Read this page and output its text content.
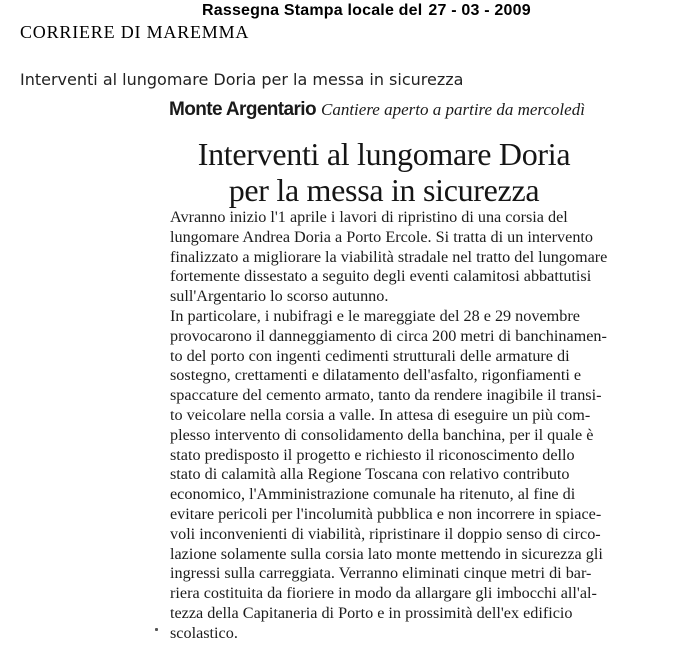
Rassegna Stampa locale del 27 - 03 - 2009
CORRIERE DI MAREMMA
Interventi al lungomare Doria per la messa in sicurezza
Monte Argentario Cantiere aperto a partire da mercoledì
Interventi al lungomare Doria
per la messa in sicurezza
Avranno inizio l'1 aprile i lavori di ripristino di una corsia del
lungomare Andrea Doria a Porto Ercole. Si tratta di un intervento
finalizzato a migliorare la viabilità stradale nel tratto del lungomare
fortemente dissestato a seguito degli eventi calamitosi abbattutisi
sull'Argentario lo scorso autunno.
In particolare, i nubifragi e le mareggiate del 28 e 29 novembre
provocarono il danneggiamento di circa 200 metri di banchinamen-
to del porto con ingenti cedimenti strutturali delle armature di
sostegno, crettamenti e dilatamento dell'asfalto, rigonfiamenti e
spaccature del cemento armato, tanto da rendere inagibile il transi-
to veicolare nella corsia a valle. In attesa di eseguire un più com-
plesso intervento di consolidamento della banchina, per il quale è
stato predisposto il progetto e richiesto il riconoscimento dello
stato di calamità alla Regione Toscana con relativo contributo
economico, l'Amministrazione comunale ha ritenuto, al fine di
evitare pericoli per l'incolumità pubblica e non incorrere in spiace-
voli inconvenienti di viabilità, ripristinare il doppio senso di circo-
lazione solamente sulla corsia lato monte mettendo in sicurezza gli
ingressi sulla carreggiata. Verranno eliminati cinque metri di bar-
riera costituita da fioriere in modo da allargare gli imbocchi all'al-
tezza della Capitaneria di Porto e in prossimità dell'ex edificio
scolastico.
